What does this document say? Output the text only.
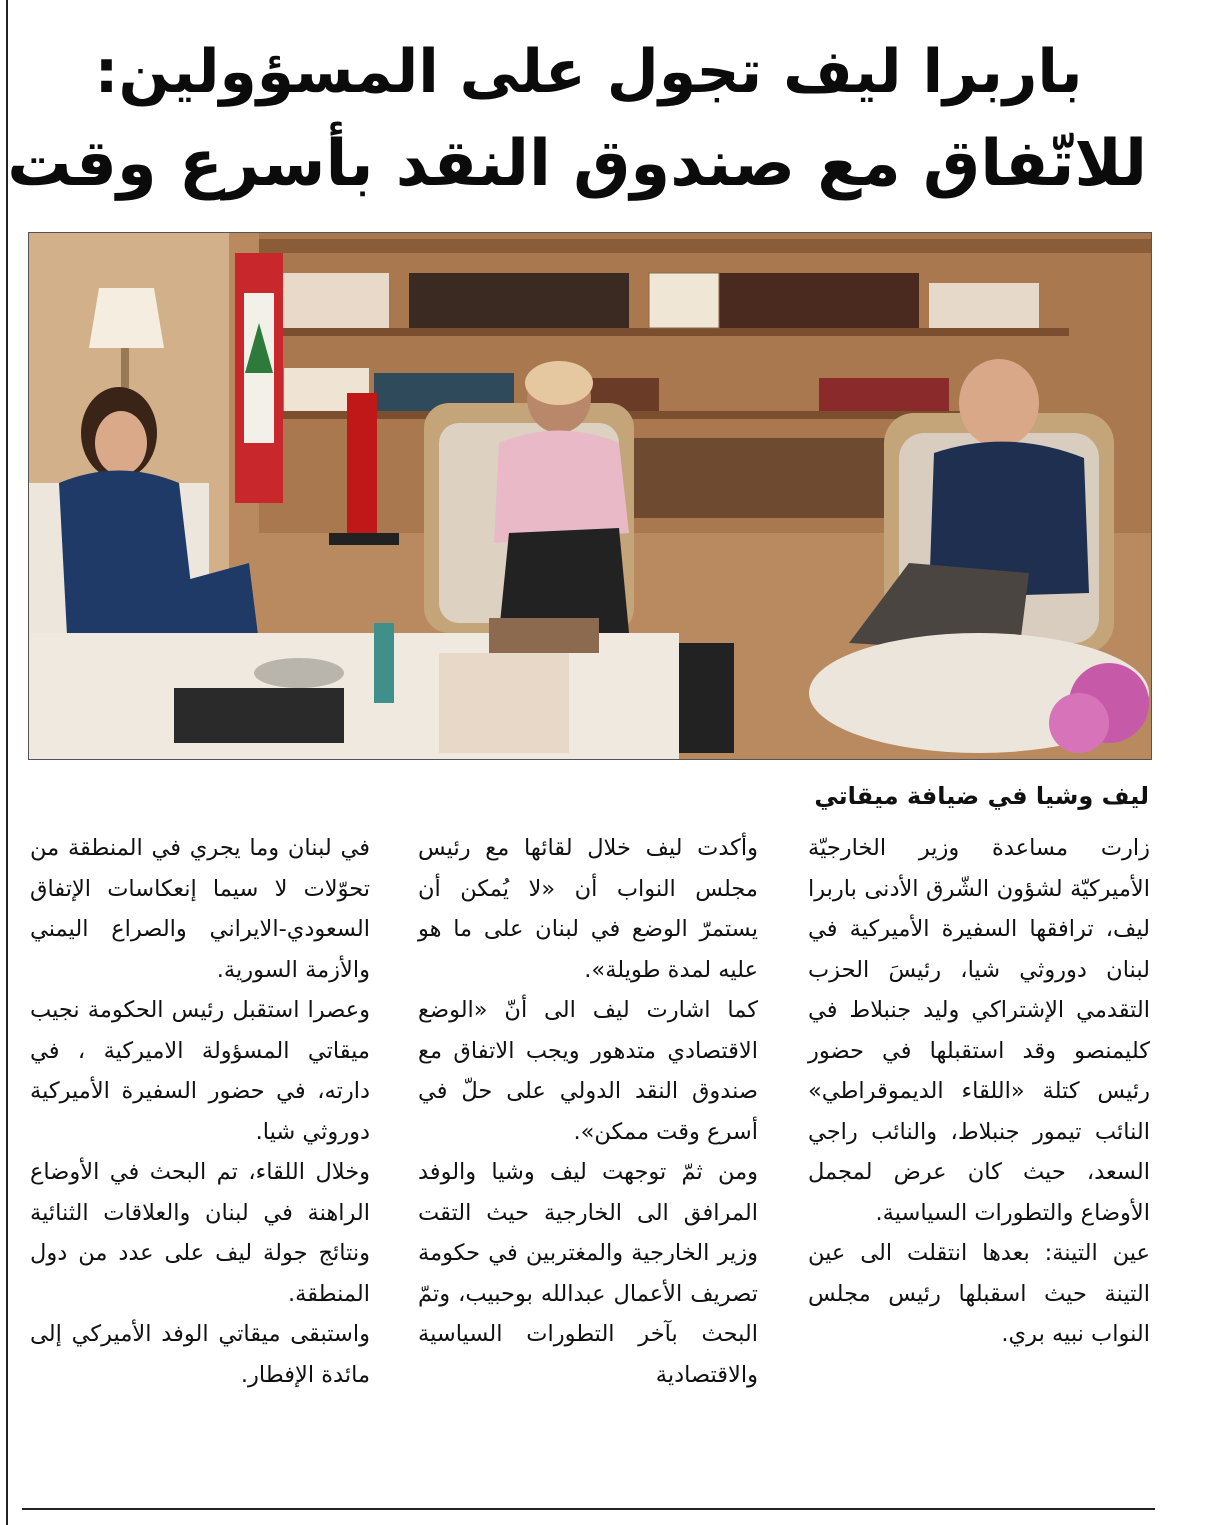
باربرا ليف تجول على المسؤولين:
للاتّفاق مع صندوق النقد بأسرع وقت
ليف وشيا في ضيافة ميقاتي

زارت مساعدة وزير الخارجيّة الأميركيّة لشؤون الشّرق الأدنى باربرا ليف، ترافقها السفيرة الأميركية في لبنان دوروثي شيا، رئيسَ الحزب التقدمي الإشتراكي وليد جنبلاط في كليمنصو وقد استقبلها في حضور رئيس كتلة «اللقاء الديموقراطي» النائب تيمور جنبلاط، والنائب راجي السعد، حيث كان عرض لمجمل الأوضاع والتطورات السياسية.

عين التينة: بعدها انتقلت الى عين التينة حيث اسقبلها رئيس مجلس النواب نبيه بري.

وأكدت ليف خلال لقائها مع رئيس مجلس النواب أن «لا يُمكن أن يستمرّ الوضع في لبنان على ما هو عليه لمدة طويلة».

كما اشارت ليف الى أنّ «الوضع الاقتصادي متدهور ويجب الاتفاق مع صندوق النقد الدولي على حلّ في أسرع وقت ممكن».

ومن ثمّ توجهت ليف وشيا والوفد المرافق الى الخارجية حيث التقت وزير الخارجية والمغتربين في حكومة تصريف الأعمال عبدالله بوحبيب، وتمّ البحث بآخر التطورات السياسية والاقتصادية

في لبنان وما يجري في المنطقة من تحوّلات لا سيما إنعكاسات الإتفاق السعودي-الايراني والصراع اليمني والأزمة السورية.

وعصرا استقبل رئيس الحكومة نجيب ميقاتي المسؤولة الاميركية ، في دارته، في حضور السفيرة الأميركية دوروثي شيا.

وخلال اللقاء، تم البحث في الأوضاع الراهنة في لبنان والعلاقات الثنائية ونتائج جولة ليف على عدد من دول المنطقة.

واستبقى ميقاتي الوفد الأميركي إلى مائدة الإفطار.
